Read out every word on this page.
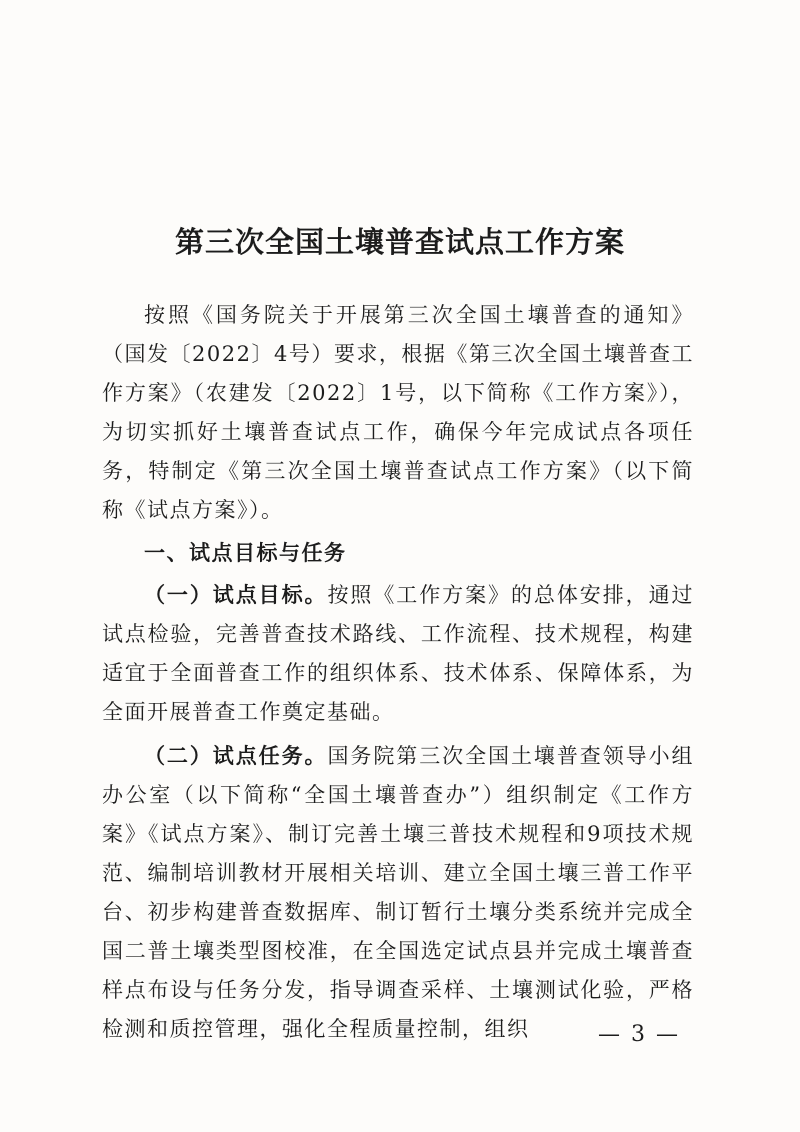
第三次全国土壤普查试点工作方案

按照《国务院关于开展第三次全国土壤普查的通知》（国发〔2022〕4号）要求，根据《第三次全国土壤普查工作方案》（农建发〔2022〕1号，以下简称《工作方案》），为切实抓好土壤普查试点工作，确保今年完成试点各项任务，特制定《第三次全国土壤普查试点工作方案》（以下简称《试点方案》）。

一、试点目标与任务

（一）试点目标。按照《工作方案》的总体安排，通过试点检验，完善普查技术路线、工作流程、技术规程，构建适宜于全面普查工作的组织体系、技术体系、保障体系，为全面开展普查工作奠定基础。

（二）试点任务。国务院第三次全国土壤普查领导小组办公室（以下简称“全国土壤普查办”）组织制定《工作方案》《试点方案》、制订完善土壤三普技术规程和9项技术规范、编制培训教材开展相关培训、建立全国土壤三普工作平台、初步构建普查数据库、制订暂行土壤分类系统并完成全国二普土壤类型图校准，在全国选定试点县并完成土壤普查样点布设与任务分发，指导调查采样、土壤测试化验，严格检测和质控管理，强化全程质量控制，组织	— 3 —
